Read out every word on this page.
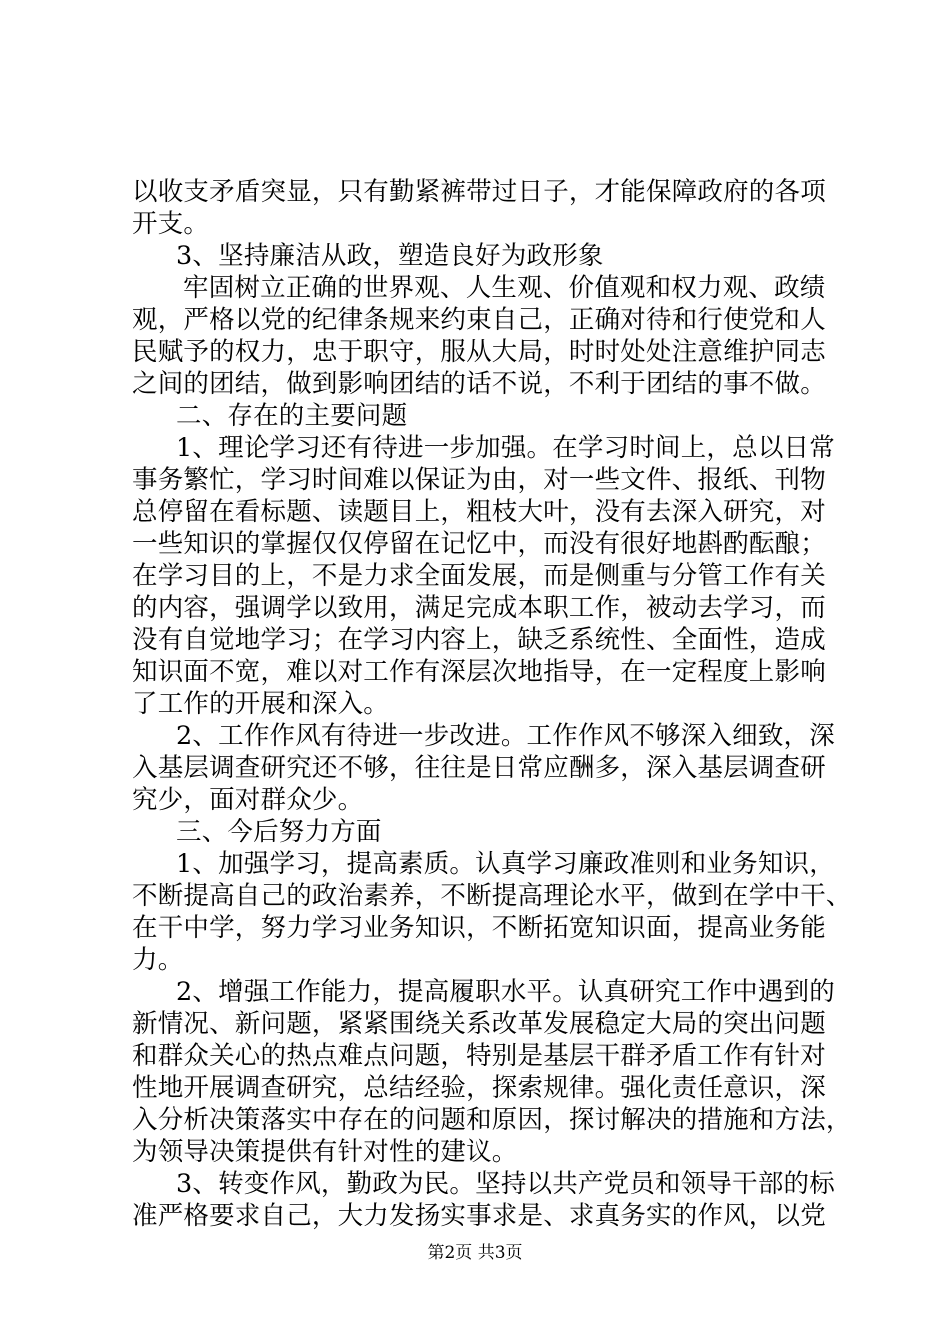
以收支矛盾突显，只有勤紧裤带过日子，才能保障政府的各项
开支。
3、坚持廉洁从政，塑造良好为政形象
牢固树立正确的世界观、人生观、价值观和权力观、政绩
观，严格以党的纪律条规来约束自己，正确对待和行使党和人
民赋予的权力，忠于职守，服从大局，时时处处注意维护同志
之间的团结，做到影响团结的话不说，不利于团结的事不做。
二、存在的主要问题
1、理论学习还有待进一步加强。在学习时间上，总以日常
事务繁忙，学习时间难以保证为由，对一些文件、报纸、刊物
总停留在看标题、读题目上，粗枝大叶，没有去深入研究，对
一些知识的掌握仅仅停留在记忆中，而没有很好地斟酌酝酿；
在学习目的上，不是力求全面发展，而是侧重与分管工作有关
的内容，强调学以致用，满足完成本职工作，被动去学习，而
没有自觉地学习；在学习内容上，缺乏系统性、全面性，造成
知识面不宽，难以对工作有深层次地指导，在一定程度上影响
了工作的开展和深入。
2、工作作风有待进一步改进。工作作风不够深入细致，深
入基层调查研究还不够，往往是日常应酬多，深入基层调查研
究少，面对群众少。
三、今后努力方面
1、加强学习，提高素质。认真学习廉政准则和业务知识，
不断提高自己的政治素养，不断提高理论水平，做到在学中干、
在干中学，努力学习业务知识，不断拓宽知识面，提高业务能
力。
2、增强工作能力，提高履职水平。认真研究工作中遇到的
新情况、新问题，紧紧围绕关系改革发展稳定大局的突出问题
和群众关心的热点难点问题，特别是基层干群矛盾工作有针对
性地开展调查研究，总结经验，探索规律。强化责任意识，深
入分析决策落实中存在的问题和原因，探讨解决的措施和方法，
为领导决策提供有针对性的建议。
3、转变作风，勤政为民。坚持以共产党员和领导干部的标
准严格要求自己，大力发扬实事求是、求真务实的作风，以党
第2页 共3页
